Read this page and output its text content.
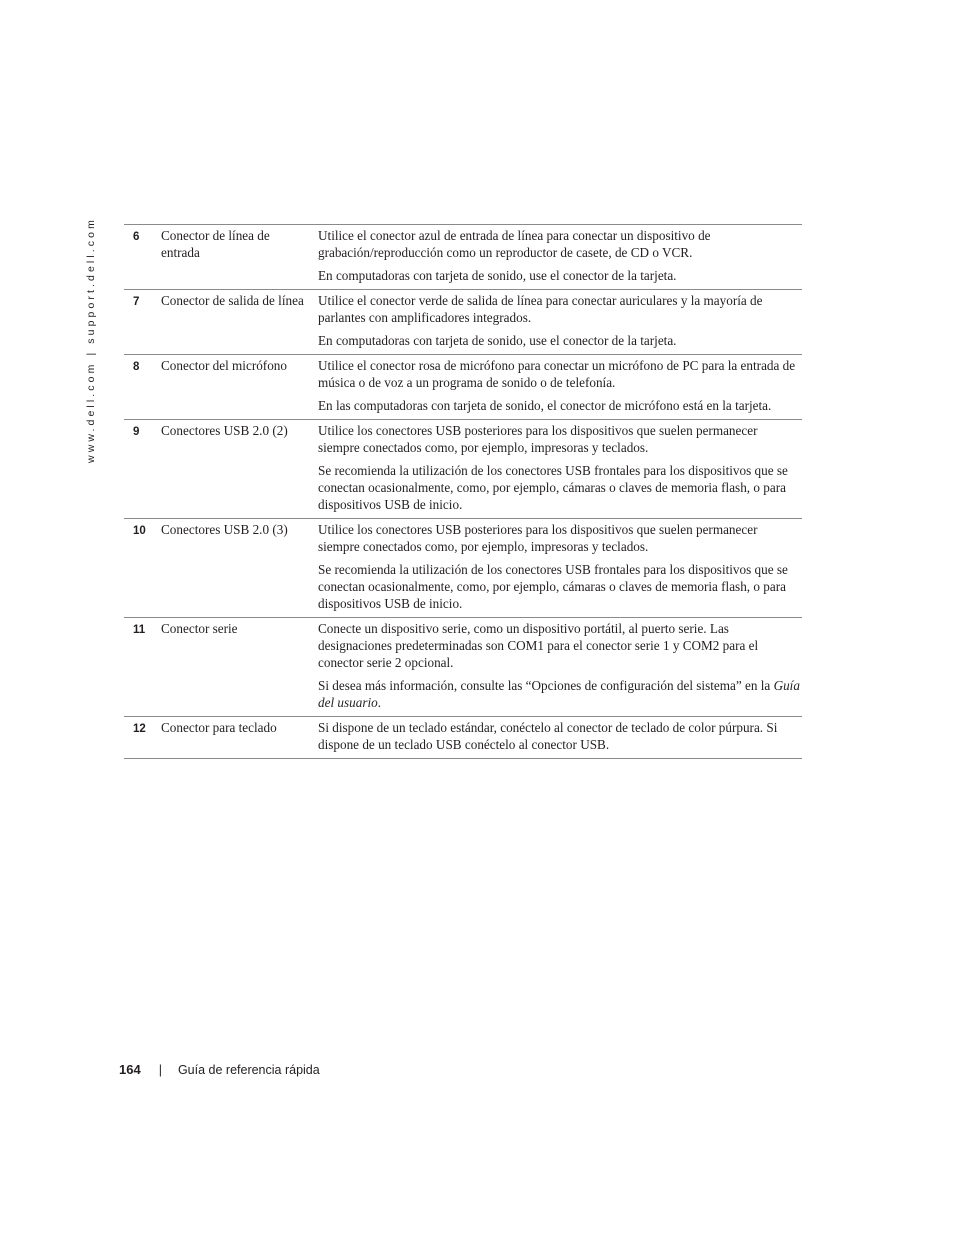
www.dell.com | support.dell.com	6	Conector de línea de entrada	Utilice el conector azul de entrada de línea para conectar un dispositivo de grabación/reproducción como un reproductor de casete, de CD o VCR.

En computadoras con tarjeta de sonido, use el conector de la tarjeta.

7	Conector de salida de línea	Utilice el conector verde de salida de línea para conectar auriculares y la mayoría de parlantes con amplificadores integrados.

En computadoras con tarjeta de sonido, use el conector de la tarjeta.

8	Conector del micrófono	Utilice el conector rosa de micrófono para conectar un micrófono de PC para la entrada de música o de voz a un programa de sonido o de telefonía.

En las computadoras con tarjeta de sonido, el conector de micrófono está en la tarjeta.

9	Conectores USB 2.0 (2)	Utilice los conectores USB posteriores para los dispositivos que suelen permanecer siempre conectados como, por ejemplo, impresoras y teclados.

Se recomienda la utilización de los conectores USB frontales para los dispositivos que se conectan ocasionalmente, como, por ejemplo, cámaras o claves de memoria flash, o para dispositivos USB de inicio.

10	Conectores USB 2.0 (3)	Utilice los conectores USB posteriores para los dispositivos que suelen permanecer siempre conectados como, por ejemplo, impresoras y teclados.

Se recomienda la utilización de los conectores USB frontales para los dispositivos que se conectan ocasionalmente, como, por ejemplo, cámaras o claves de memoria flash, o para dispositivos USB de inicio.

11	Conector serie	Conecte un dispositivo serie, como un dispositivo portátil, al puerto serie. Las designaciones predeterminadas son COM1 para el conector serie 1 y COM2 para el conector serie 2 opcional.

Si desea más información, consulte las “Opciones de configuración del sistema” en la Guía del usuario.

12	Conector para teclado	Si dispone de un teclado estándar, conéctelo al conector de teclado de color púrpura. Si dispone de un teclado USB conéctelo al conector USB.

164 | Guía de referencia rápida
